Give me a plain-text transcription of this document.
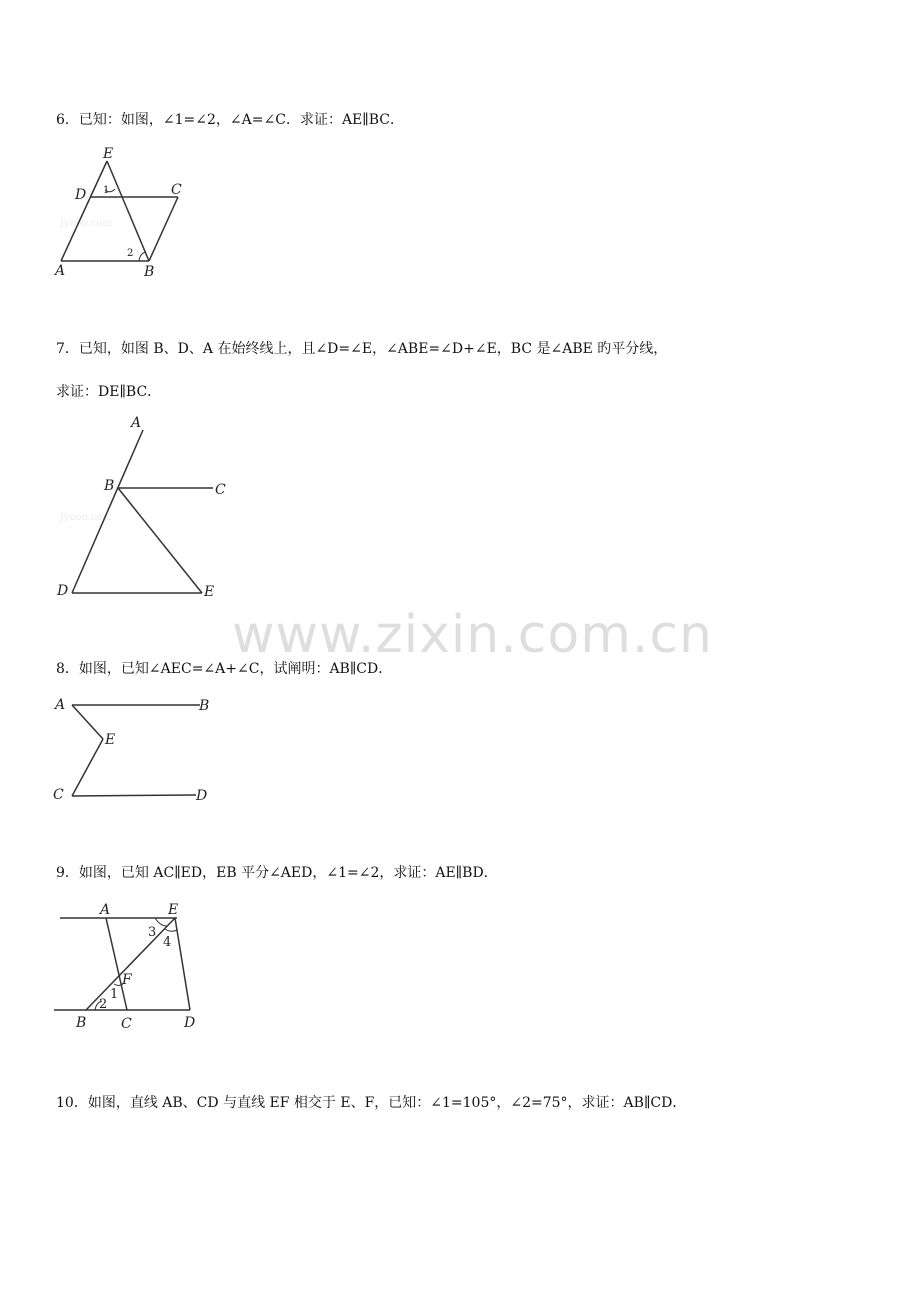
6．已知：如图，∠1=∠2，∠A=∠C．求证：AE∥BC．
Jyeoo.com
E
D	C
A	B
1
2
7．已知，如图 B、D、A 在始终线上，且∠D=∠E，∠ABE=∠D+∠E，BC 是∠ABE 旳平分线，
求证：DE∥BC．
Jyeoo.com
A
B	C
D	E
www.zixin.com.cn
8．如图，已知∠AEC=∠A+∠C，试阐明：AB∥CD．
A	B
E
C	D
9．如图，已知 AC∥ED，EB 平分∠AED，∠1=∠2，求证：AE∥BD．
A	E
F
B C	D
1
2
3
4
10．如图，直线 AB、CD 与直线 EF 相交于 E、F，已知：∠1=105°，∠2=75°，求证：AB∥CD．
